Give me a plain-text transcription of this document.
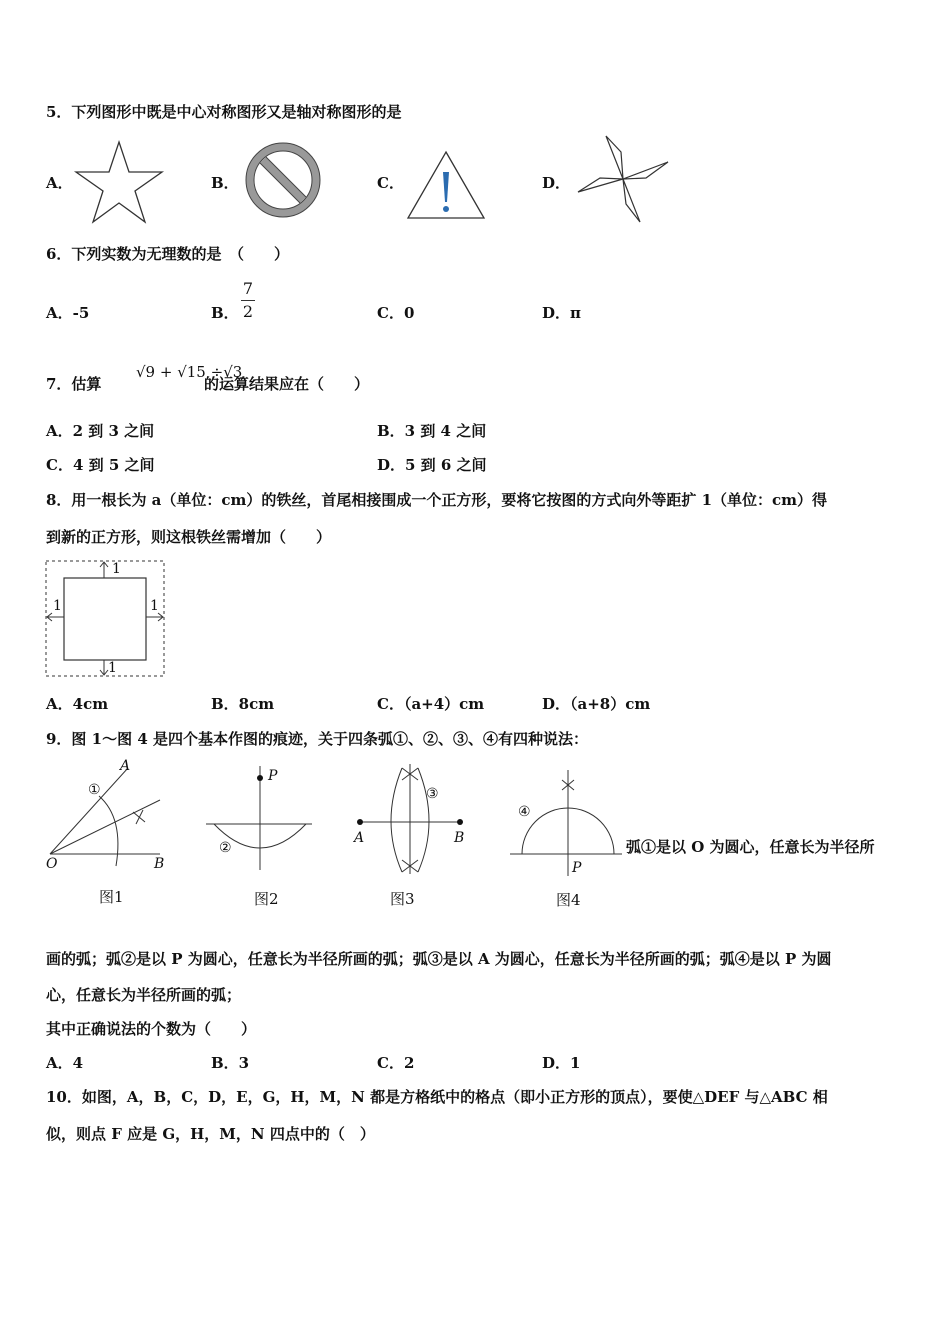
5．下列图形中既是中心对称图形又是轴对称图形的是
A．	B．	C．	D．
6．下列实数为无理数的是　（　　）
A．-5	B．
7
2	C．0	D．π
7．估算
√9 + √15 ÷√3
的运算结果应在（　　）
A．2 到 3 之间	B．3 到 4 之间
C．4 到 5 之间	D．5 到 6 之间
8．用一根长为 a（单位：cm）的铁丝，首尾相接围成一个正方形，要将它按图的方式向外等距扩 1（单位：cm）得
到新的正方形，则这根铁丝需增加（　　）
1
1	1
1
A．4cm	B．8cm	C．（a+4）cm	D．（a+8）cm
9．图 1～图 4 是四个基本作图的痕迹，关于四条弧①、②、③、④有四种说法：
A
O	B
①
图1
P
②
图2
A	B
③
图3
④
P
图4
弧①是以 O 为圆心，任意长为半径所
画的弧；弧②是以 P 为圆心，任意长为半径所画的弧；弧③是以 A 为圆心，任意长为半径所画的弧；弧④是以 P 为圆
心，任意长为半径所画的弧；
其中正确说法的个数为（　　）
A．4	B．3	C．2	D．1
10．如图，A，B，C，D，E，G，H，M，N 都是方格纸中的格点（即小正方形的顶点），要使△DEF 与△ABC 相
似，则点 F 应是 G，H，M，N 四点中的（　）
